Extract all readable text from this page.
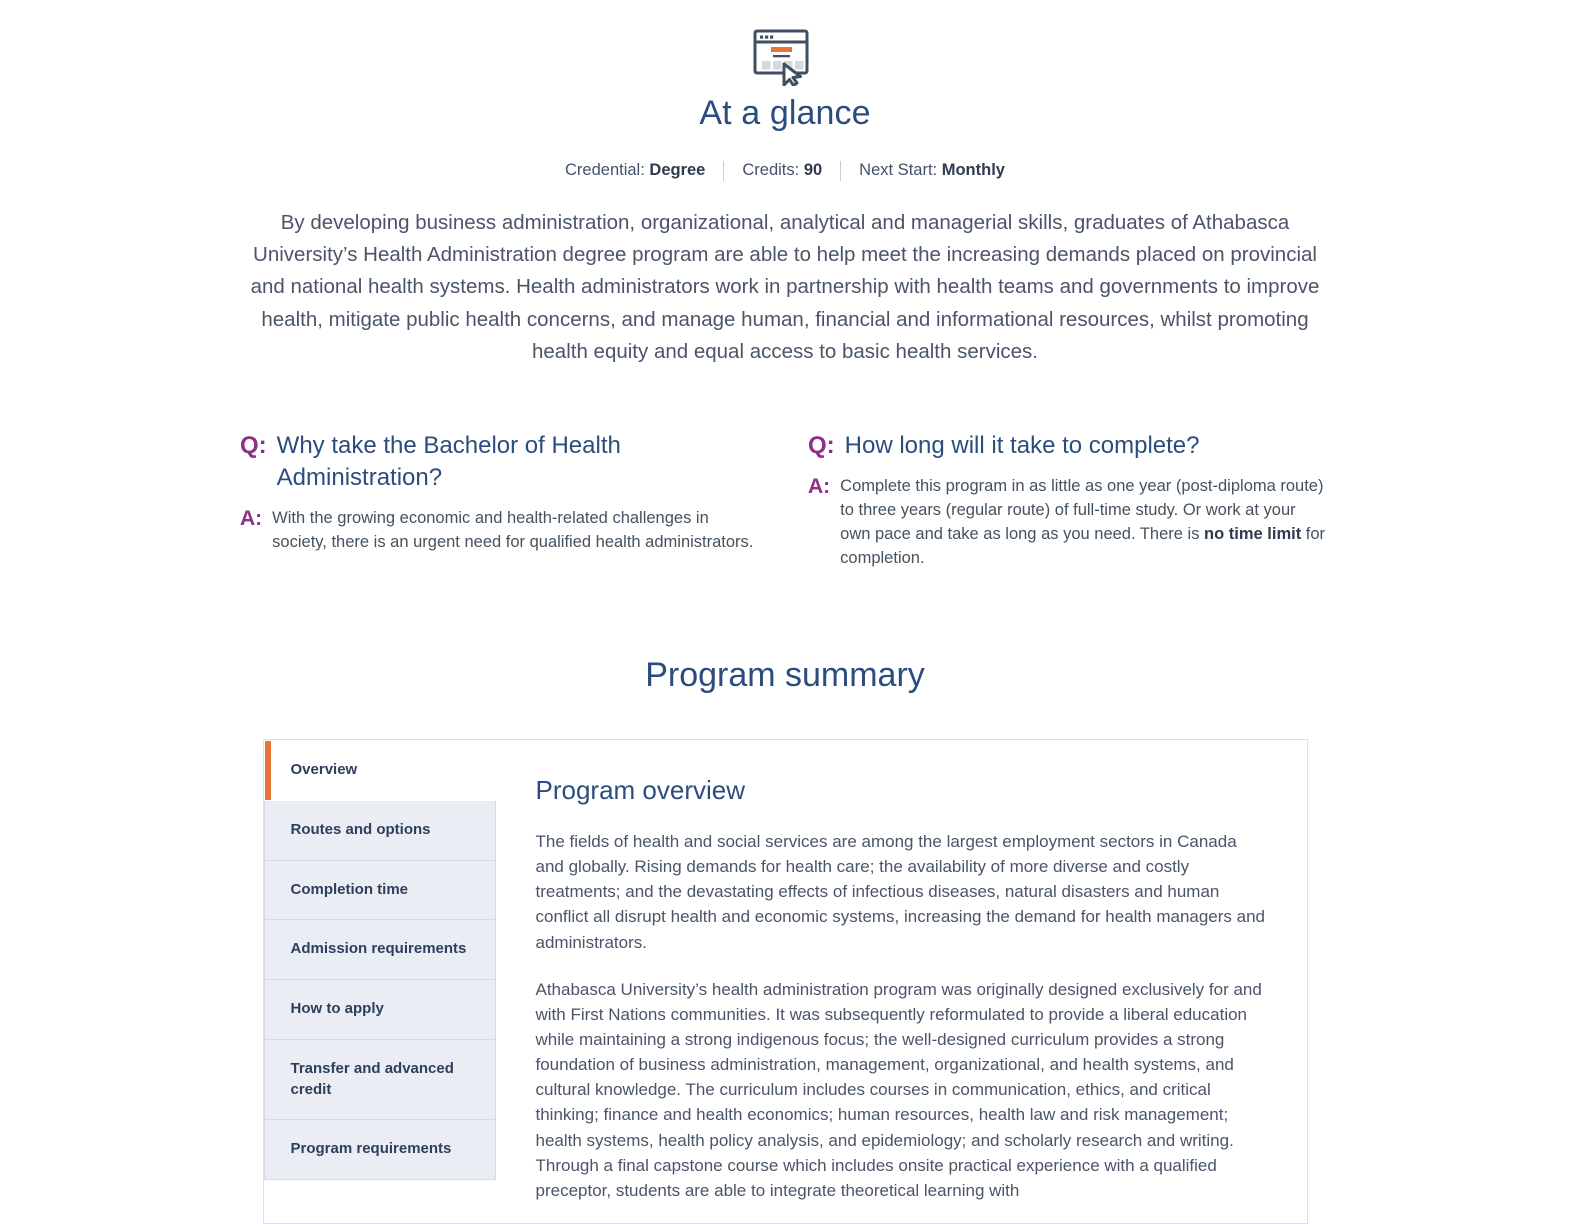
At a glance
Credential: Degree	Credits: 90	Next Start: Monthly

By developing business administration, organizational, analytical and managerial skills, graduates of Athabasca University’s Health Administration degree program are able to help meet the increasing demands placed on provincial and national health systems. Health administrators work in partnership with health teams and governments to improve health, mitigate public health concerns, and manage human, financial and informational resources, whilst promoting health equity and equal access to basic health services.

Q: Why take the Bachelor of Health Administration?
A: With the growing economic and health-related challenges in society, there is an urgent need for qualified health administrators.
Q: How long will it take to complete?
A: Complete this program in as little as one year (post-diploma route) to three years (regular route) of full-time study. Or work at your own pace and take as long as you need. There is no time limit for completion.
Program summary
Overview
Routes and options
Completion time
Admission requirements
How to apply
Transfer and advanced credit
Program requirements
Program overview

The fields of health and social services are among the largest employment sectors in Canada and globally. Rising demands for health care; the availability of more diverse and costly treatments; and the devastating effects of infectious diseases, natural disasters and human conflict all disrupt health and economic systems, increasing the demand for health managers and administrators.

Athabasca University’s health administration program was originally designed exclusively for and with First Nations communities. It was subsequently reformulated to provide a liberal education while maintaining a strong indigenous focus; the well-designed curriculum provides a strong foundation of business administration, management, organizational, and health systems, and cultural knowledge. The curriculum includes courses in communication, ethics, and critical thinking; finance and health economics; human resources, health law and risk management; health systems, health policy analysis, and epidemiology; and scholarly research and writing. Through a final capstone course which includes onsite practical experience with a qualified preceptor, students are able to integrate theoretical learning with
